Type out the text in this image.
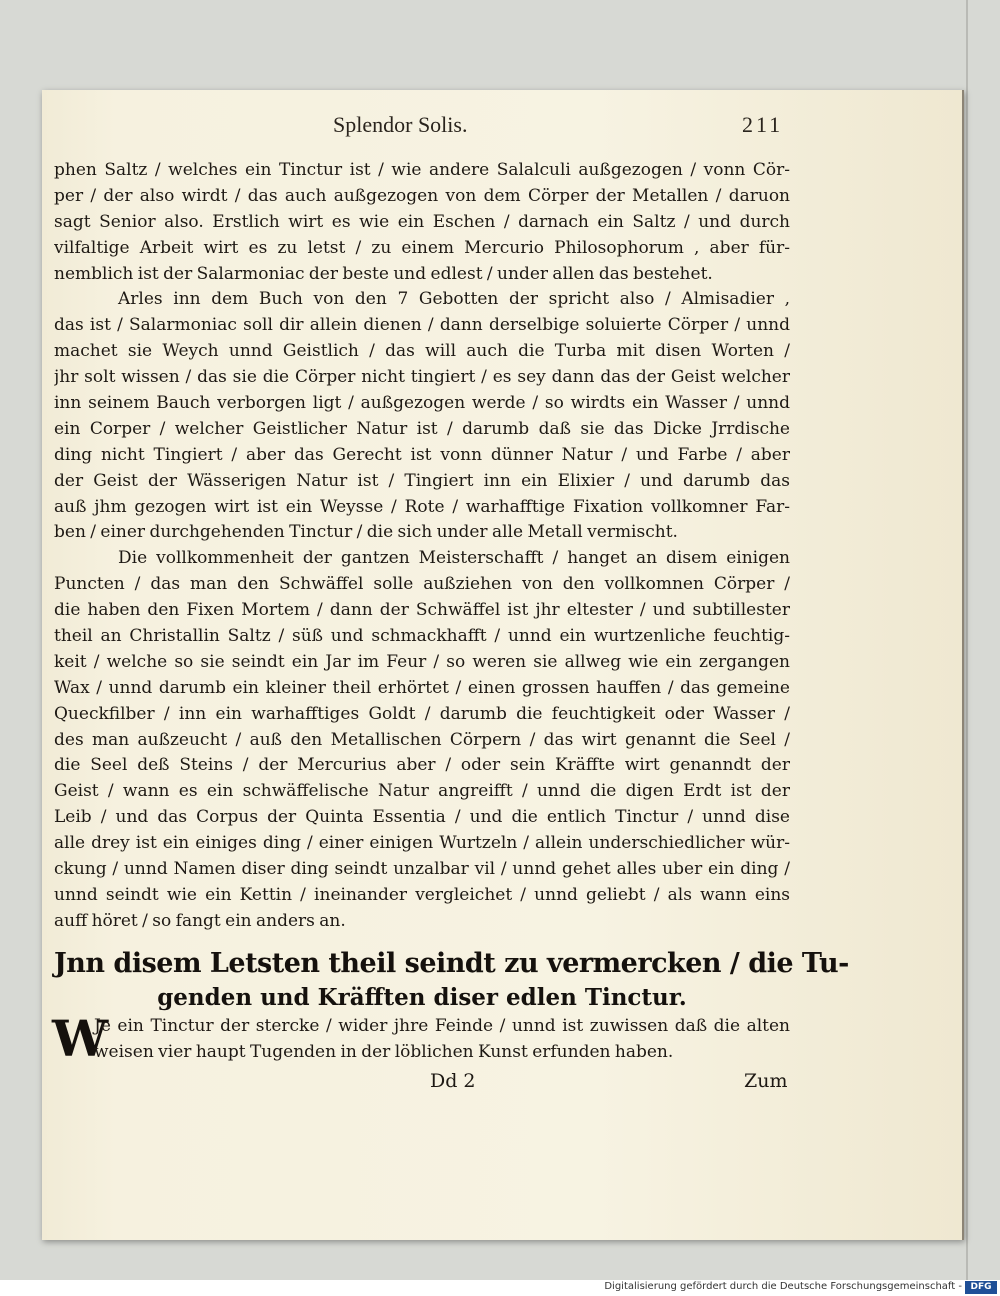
Splendor Solis.	211
phen Saltz / welches ein Tinctur ist / wie andere Salalculi außgezogen / vonn Cör-
per / der also wirdt / das auch außgezogen von dem Cörper der Metallen / daruon
sagt Senior also. Erstlich wirt es wie ein Eschen / darnach ein Saltz / und durch
vilfaltige Arbeit wirt es zu letst / zu einem Mercurio Philosophorum , aber für-
nemblich ist der Salarmoniac der beste und edlest / under allen das bestehet.
Arles inn dem Buch von den 7 Gebotten der spricht also / Almisadier ,
das ist / Salarmoniac soll dir allein dienen / dann derselbige soluierte Cörper / unnd
machet sie Weych unnd Geistlich / das will auch die Turba mit disen Worten /
jhr solt wissen / das sie die Cörper nicht tingiert / es sey dann das der Geist welcher
inn seinem Bauch verborgen ligt / außgezogen werde / so wirdts ein Wasser / unnd
ein Corper / welcher Geistlicher Natur ist / darumb daß sie das Dicke Jrrdische
ding nicht Tingiert / aber das Gerecht ist vonn dünner Natur / und Farbe / aber
der Geist der Wässerigen Natur ist / Tingiert inn ein Elixier / und darumb das
auß jhm gezogen wirt ist ein Weysse / Rote / warhafftige Fixation vollkomner Far-
ben / einer durchgehenden Tinctur / die sich under alle Metall vermischt.
Die vollkommenheit der gantzen Meisterschafft / hanget an disem einigen
Puncten / das man den Schwäffel solle außziehen von den vollkomnen Cörper /
die haben den Fixen Mortem / dann der Schwäffel ist jhr eltester / und subtillester
theil an Christallin Saltz / süß und schmackhafft / unnd ein wurtzenliche feuchtig-
keit / welche so sie seindt ein Jar im Feur / so weren sie allweg wie ein zergangen
Wax / unnd darumb ein kleiner theil erhörtet / einen grossen hauffen / das gemeine
Queckfilber / inn ein warhafftiges Goldt / darumb die feuchtigkeit oder Wasser /
des man außzeucht / auß den Metallischen Cörpern / das wirt genannt die Seel /
die Seel deß Steins / der Mercurius aber / oder sein Kräffte wirt genanndt der
Geist / wann es ein schwäffelische Natur angreifft / unnd die digen Erdt ist der
Leib / und das Corpus der Quinta Essentia / und die entlich Tinctur / unnd dise
alle drey ist ein einiges ding / einer einigen Wurtzeln / allein underschiedlicher wür-
ckung / unnd Namen diser ding seindt unzalbar vil / unnd gehet alles uber ein ding /
unnd seindt wie ein Kettin / ineinander vergleichet / unnd geliebt / als wann eins
auff höret / so fangt ein anders an.
Jnn disem Letsten theil seindt zu vermercken / die Tu-
genden und Kräfften diser edlen Tinctur.
W
Je ein Tinctur der stercke / wider jhre Feinde / unnd ist zuwissen daß die alten
weisen vier haupt Tugenden in der löblichen Kunst erfunden haben.
Dd 2	Zum
Digitalisierung gefördert durch die Deutsche Forschungsgemeinschaft - DFG
